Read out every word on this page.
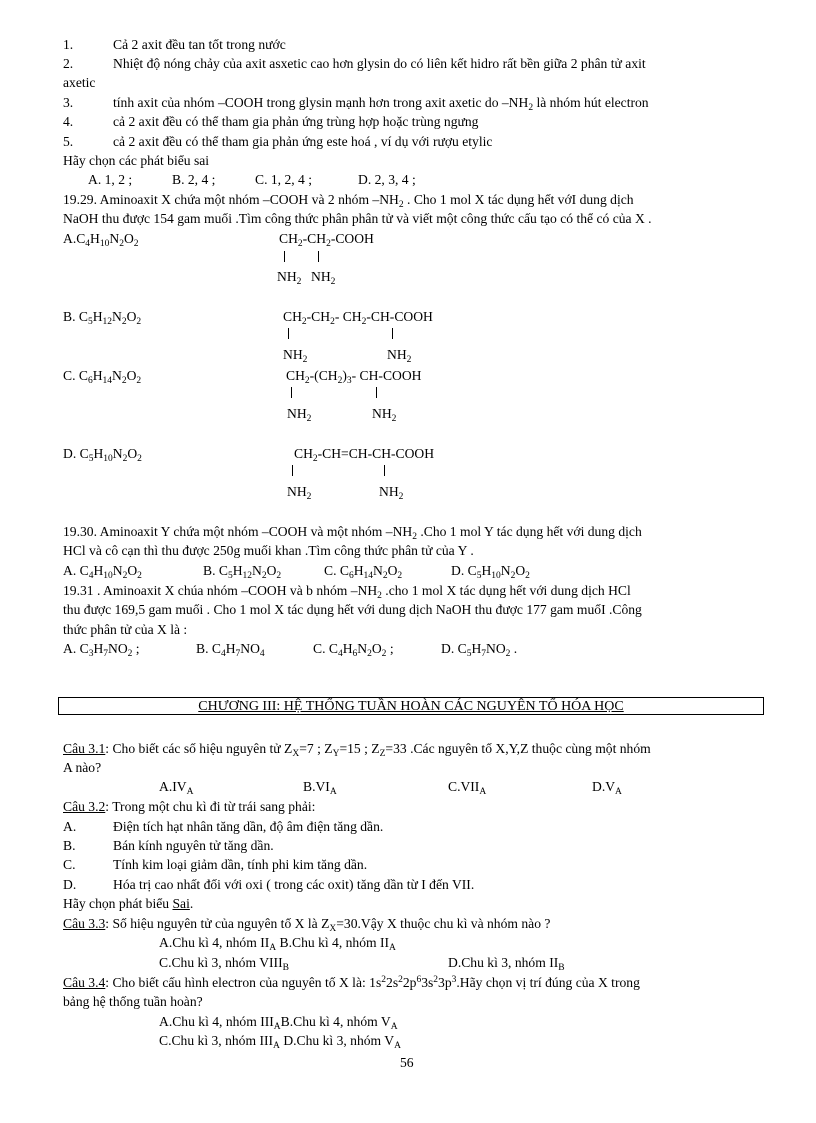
1.	Cả 2 axit đều tan tốt trong nước
2.	Nhiệt độ nóng chảy của axit asxetic cao hơn glysin do có liên kết hidro rất bền giữa 2 phân tử axit
axetic
3.	tính axit của nhóm –COOH trong glysin mạnh hơn trong axit axetic do $-NH_2$ là nhóm hút electron
4.	cả 2 axit đều có thể tham gia phản ứng trùng hợp hoặc trùng ngưng
5.	cả 2 axit đều có thể tham gia phản ứng este hoá , ví dụ với rượu etylic
Hãy chọn các phát biểu sai
A. 1, 2 ;	B. 2, 4 ;	C. 1, 2, 4 ;	D. 2, 3, 4 ;
19.29. Aminoaxit X chứa một nhóm –COOH và 2 nhóm $-NH_2$ . Cho 1 mol X tác dụng hết vớI dung dịch
NaOH thu được 154 gam muối .Tìm công thức phân phân tử và viết một công thức cấu tạo có thể có của X .
$A.C_4H_{10}N_2O_2$	$CH_2-CH_2$-COOH
$NH_2$ $NH_2$
B. $C_5H_{12}N_2O_2$	$CH_2-CH_2-$ $CH_2-CH$-COOH
$NH_2$	$NH_2$
C. $C_6H_{14}N_2O_2$	$CH_2-(CH_2)_3-$ CH-COOH
$NH_2$	$NH_2$
D. $C_5H_{10}N_2O_2$	$CH_2-CH=CH-CH$-COOH
$NH_2$	$NH_2$
19.30. Aminoaxit Y chứa một nhóm –COOH và một nhóm $-NH_2$ .Cho 1 mol Y tác dụng hết với dung dịch
HCl và cô cạn thì thu được 250g muối khan .Tìm công thức phân tử của Y .
A. $C_4H_{10}N_2O_2$	B. $C_5H_{12}N_2O_2$	C. $C_6H_{14}N_2O_2$	D. $C_5H_{10}N_2O_2$
19.31 . Aminoaxit X chúa nhóm –COOH và b nhóm $-NH_2$ .cho 1 mol X tác dụng hết với dung dịch HCl
thu được 169,5 gam muối . Cho 1 mol X tác dụng hết với dung dịch NaOH thu được 177 gam muốI .Công
thức phân tử của X là :
A. $C_3H_7NO_2$ ;	B. $C_4H_7NO_4$	C. $C_4H_6N_2O_2$ ;	D. $C_5H_7NO_2$ .
CHƯƠNG III: HỆ THỐNG TUẦN HOÀN CÁC NGUYÊN TỐ HÓA HỌC
Câu 3.1: Cho biết các số hiệu nguyên tử $Z_X=7$ ; $Z_Y=15$ ; $Z_Z=33$ .Các nguyên tố X,Y,Z thuộc cùng một nhóm
A nào?
$A.IV_A$	$B.VI_A$	$C.VII_A$	$D.V_A$
Câu 3.2: Trong một chu kì đi từ trái sang phải:
A.	Điện tích hạt nhân tăng dần, độ âm điện tăng dần.
B.	Bán kính nguyên tử tăng dần.
C.	Tính kim loại giảm dần, tính phi kim tăng dần.
D.	Hóa trị cao nhất đối với oxi ( trong các oxit) tăng dần từ I đến VII.
Hãy chọn phát biểu Sai.
Câu 3.3: Số hiệu nguyên tử của nguyên tố X là $Z_X=30.Vậy$ X thuộc chu kì và nhóm nào ?
A.Chu kì 4, nhóm $II_A$ B.Chu kì 4, nhóm $II_A$
C.Chu kì 3, nhóm $VIII_B$	D.Chu kì 3, nhóm $II_B$
Câu 3.4: Cho biết cấu hình electron của nguyên tố X là: $1s^22s^22p^63s^23p^3.Hãy$ chọn vị trí đúng của X trong
bảng hệ thống tuần hoàn?
A.Chu kì 4, nhóm $III_AB.Chu$ kì 4, nhóm $V_A$
C.Chu kì 3, nhóm $III_A$ D.Chu kì 3, nhóm $V_A$
56
